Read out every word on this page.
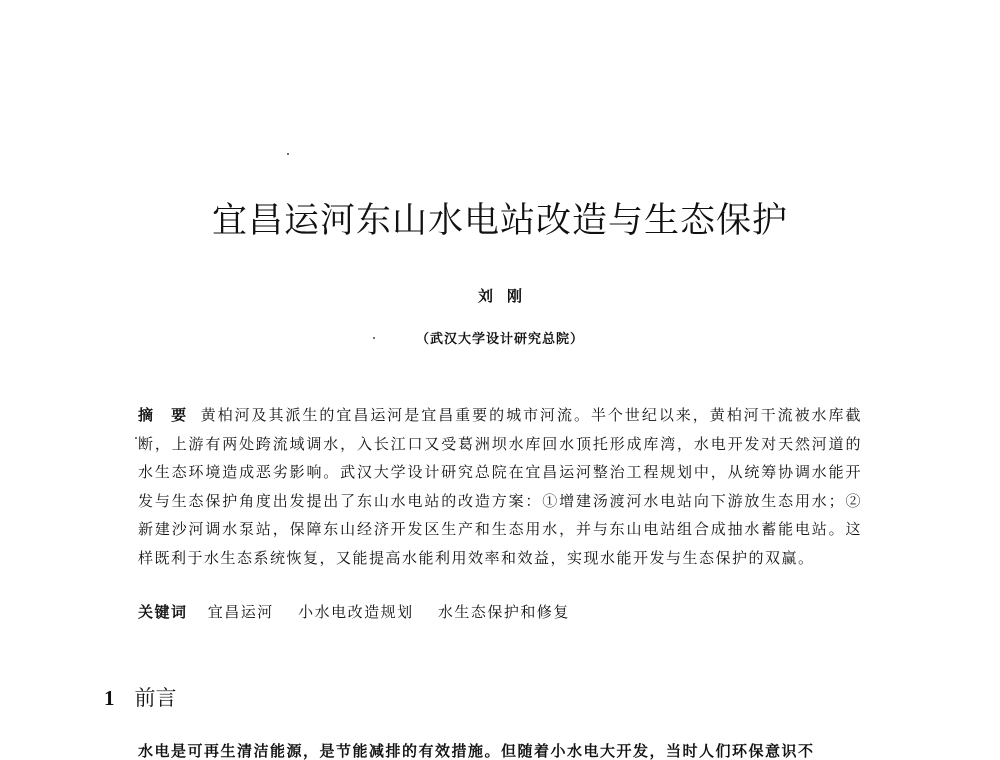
宜昌运河东山水电站改造与生态保护
刘刚
（武汉大学设计研究总院）
摘 要 黄柏河及其派生的宜昌运河是宜昌重要的城市河流。半个世纪以来，黄柏河干流被水库截断，上游有两处跨流域调水，入长江口又受葛洲坝水库回水顶托形成库湾，水电开发对天然河道的水生态环境造成恶劣影响。武汉大学设计研究总院在宜昌运河整治工程规划中，从统筹协调水能开发与生态保护角度出发提出了东山水电站的改造方案：①增建汤渡河水电站向下游放生态用水；②新建沙河调水泵站，保障东山经济开发区生产和生态用水，并与东山电站组合成抽水蓄能电站。这样既利于水生态系统恢复，又能提高水能利用效率和效益，实现水能开发与生态保护的双赢。
关键词 宜昌运河 小水电改造规划 水生态保护和修复
1 前言
水电是可再生清洁能源，是节能减排的有效措施。但随着小水电大开发，当时人们环保意识不
